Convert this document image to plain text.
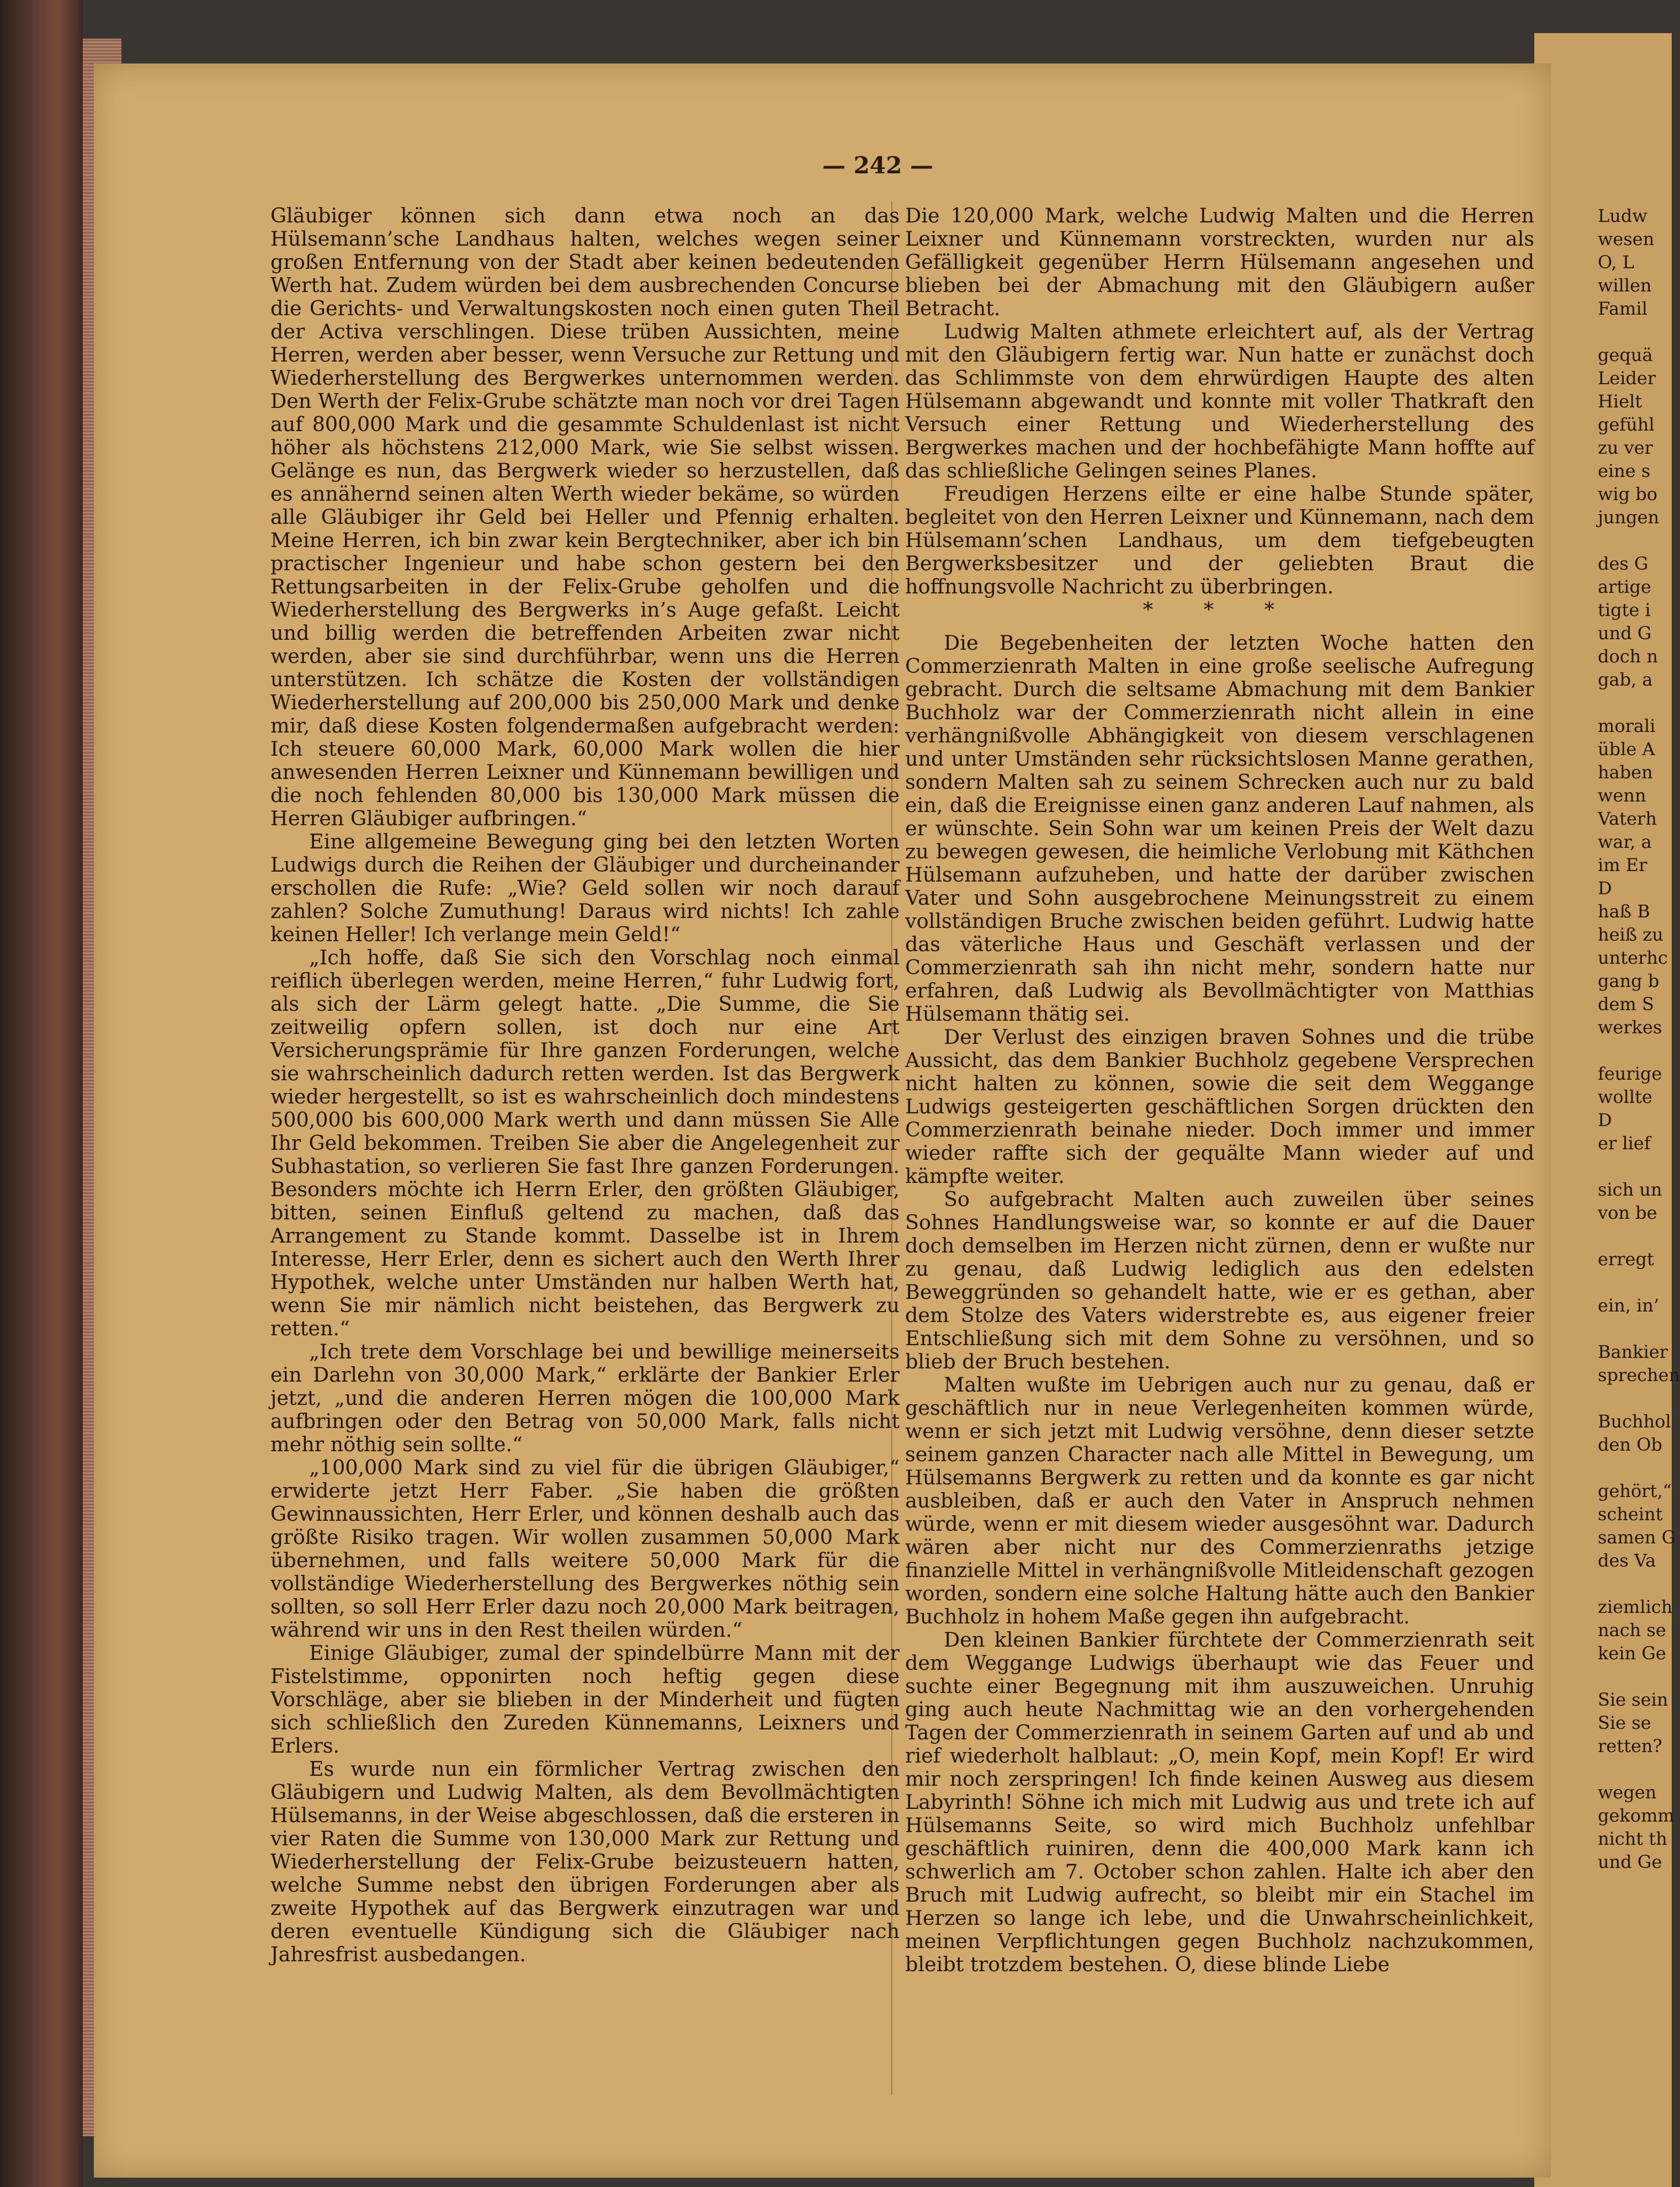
— 242 —

Gläubiger können sich dann etwa noch an das Hülsemann’sche Landhaus halten, welches wegen seiner großen Entfernung von der Stadt aber keinen bedeutenden Werth hat. Zudem würden bei dem ausbrechenden Concurse die Gerichts- und Verwaltungskosten noch einen guten Theil der Activa verschlingen. Diese trüben Aussichten, meine Herren, werden aber besser, wenn Versuche zur Rettung und Wiederherstellung des Bergwerkes unternommen werden. Den Werth der Felix-Grube schätzte man noch vor drei Tagen auf 800,000 Mark und die gesammte Schuldenlast ist nicht höher als höchstens 212,000 Mark, wie Sie selbst wissen. Gelänge es nun, das Bergwerk wieder so herzustellen, daß es annähernd seinen alten Werth wieder bekäme, so würden alle Gläubiger ihr Geld bei Heller und Pfennig erhalten. Meine Herren, ich bin zwar kein Bergtechniker, aber ich bin practischer Ingenieur und habe schon gestern bei den Rettungsarbeiten in der Felix-Grube geholfen und die Wiederherstellung des Bergwerks in’s Auge gefaßt. Leicht und billig werden die betreffenden Arbeiten zwar nicht werden, aber sie sind durchführbar, wenn uns die Herren unterstützen. Ich schätze die Kosten der vollständigen Wiederherstellung auf 200,000 bis 250,000 Mark und denke mir, daß diese Kosten folgendermaßen aufgebracht werden: Ich steuere 60,000 Mark, 60,000 Mark wollen die hier anwesenden Herren Leixner und Künnemann bewilligen und die noch fehlenden 80,000 bis 130,000 Mark müssen die Herren Gläubiger aufbringen.“

Eine allgemeine Bewegung ging bei den letzten Worten Ludwigs durch die Reihen der Gläubiger und durcheinander erschollen die Rufe: „Wie? Geld sollen wir noch darauf zahlen? Solche Zumuthung! Daraus wird nichts! Ich zahle keinen Heller! Ich verlange mein Geld!“

„Ich hoffe, daß Sie sich den Vorschlag noch einmal reiflich überlegen werden, meine Herren,“ fuhr Ludwig fort, als sich der Lärm gelegt hatte. „Die Summe, die Sie zeitweilig opfern sollen, ist doch nur eine Art Versicherungsprämie für Ihre ganzen Forderungen, welche sie wahrscheinlich dadurch retten werden. Ist das Bergwerk wieder hergestellt, so ist es wahrscheinlich doch mindestens 500,000 bis 600,000 Mark werth und dann müssen Sie Alle Ihr Geld bekommen. Treiben Sie aber die Angelegenheit zur Subhastation, so verlieren Sie fast Ihre ganzen Forderungen. Besonders möchte ich Herrn Erler, den größten Gläubiger, bitten, seinen Einfluß geltend zu machen, daß das Arrangement zu Stande kommt. Dasselbe ist in Ihrem Interesse, Herr Erler, denn es sichert auch den Werth Ihrer Hypothek, welche unter Umständen nur halben Werth hat, wenn Sie mir nämlich nicht beistehen, das Bergwerk zu retten.“

„Ich trete dem Vorschlage bei und bewillige meinerseits ein Darlehn von 30,000 Mark,“ erklärte der Bankier Erler jetzt, „und die anderen Herren mögen die 100,000 Mark aufbringen oder den Betrag von 50,000 Mark, falls nicht mehr nöthig sein sollte.“

„100,000 Mark sind zu viel für die übrigen Gläubiger,“ erwiderte jetzt Herr Faber. „Sie haben die größten Gewinnaussichten, Herr Erler, und können deshalb auch das größte Risiko tragen. Wir wollen zusammen 50,000 Mark übernehmen, und falls weitere 50,000 Mark für die vollständige Wiederherstellung des Bergwerkes nöthig sein sollten, so soll Herr Erler dazu noch 20,000 Mark beitragen, während wir uns in den Rest theilen würden.“

Einige Gläubiger, zumal der spindelbürre Mann mit der Fistelstimme, opponirten noch heftig gegen diese Vorschläge, aber sie blieben in der Minderheit und fügten sich schließlich den Zureden Künnemanns, Leixners und Erlers.

Es wurde nun ein förmlicher Vertrag zwischen den Gläubigern und Ludwig Malten, als dem Bevollmächtigten Hülsemanns, in der Weise abgeschlossen, daß die ersteren in vier Raten die Summe von 130,000 Mark zur Rettung und Wiederherstellung der Felix-Grube beizusteuern hatten, welche Summe nebst den übrigen Forderungen aber als zweite Hypothek auf das Bergwerk einzutragen war und deren eventuelle Kündigung sich die Gläubiger nach Jahresfrist ausbedangen.

Die 120,000 Mark, welche Ludwig Malten und die Herren Leixner und Künnemann vorstreckten, wurden nur als Gefälligkeit gegenüber Herrn Hülsemann angesehen und blieben bei der Abmachung mit den Gläubigern außer Betracht.

Ludwig Malten athmete erleichtert auf, als der Vertrag mit den Gläubigern fertig war. Nun hatte er zunächst doch das Schlimmste von dem ehrwürdigen Haupte des alten Hülsemann abgewandt und konnte mit voller Thatkraft den Versuch einer Rettung und Wiederherstellung des Bergwerkes machen und der hochbefähigte Mann hoffte auf das schließliche Gelingen seines Planes.

Freudigen Herzens eilte er eine halbe Stunde später, begleitet von den Herren Leixner und Künnemann, nach dem Hülsemann’schen Landhaus, um dem tiefgebeugten Bergwerksbesitzer und der geliebten Braut die hoffnungsvolle Nachricht zu überbringen.

* * *

Die Begebenheiten der letzten Woche hatten den Commerzienrath Malten in eine große seelische Aufregung gebracht. Durch die seltsame Abmachung mit dem Bankier Buchholz war der Commerzienrath nicht allein in eine verhängnißvolle Abhängigkeit von diesem verschlagenen und unter Umständen sehr rücksichtslosen Manne gerathen, sondern Malten sah zu seinem Schrecken auch nur zu bald ein, daß die Ereignisse einen ganz anderen Lauf nahmen, als er wünschte. Sein Sohn war um keinen Preis der Welt dazu zu bewegen gewesen, die heimliche Verlobung mit Käthchen Hülsemann aufzuheben, und hatte der darüber zwischen Vater und Sohn ausgebrochene Meinungsstreit zu einem vollständigen Bruche zwischen beiden geführt. Ludwig hatte das väterliche Haus und Geschäft verlassen und der Commerzienrath sah ihn nicht mehr, sondern hatte nur erfahren, daß Ludwig als Bevollmächtigter von Matthias Hülsemann thätig sei.

Der Verlust des einzigen braven Sohnes und die trübe Aussicht, das dem Bankier Buchholz gegebene Versprechen nicht halten zu können, sowie die seit dem Weggange Ludwigs gesteigerten geschäftlichen Sorgen drückten den Commerzienrath beinahe nieder. Doch immer und immer wieder raffte sich der gequälte Mann wieder auf und kämpfte weiter.

So aufgebracht Malten auch zuweilen über seines Sohnes Handlungsweise war, so konnte er auf die Dauer doch demselben im Herzen nicht zürnen, denn er wußte nur zu genau, daß Ludwig lediglich aus den edelsten Beweggründen so gehandelt hatte, wie er es gethan, aber dem Stolze des Vaters widerstrebte es, aus eigener freier Entschließung sich mit dem Sohne zu versöhnen, und so blieb der Bruch bestehen.

Malten wußte im Uebrigen auch nur zu genau, daß er geschäftlich nur in neue Verlegenheiten kommen würde, wenn er sich jetzt mit Ludwig versöhne, denn dieser setzte seinem ganzen Character nach alle Mittel in Bewegung, um Hülsemanns Bergwerk zu retten und da konnte es gar nicht ausbleiben, daß er auch den Vater in Anspruch nehmen würde, wenn er mit diesem wieder ausgesöhnt war. Dadurch wären aber nicht nur des Commerzienraths jetzige finanzielle Mittel in verhängnißvolle Mitleidenschaft gezogen worden, sondern eine solche Haltung hätte auch den Bankier Buchholz in hohem Maße gegen ihn aufgebracht.

Den kleinen Bankier fürchtete der Commerzienrath seit dem Weggange Ludwigs überhaupt wie das Feuer und suchte einer Begegnung mit ihm auszuweichen. Unruhig ging auch heute Nachmittag wie an den vorhergehenden Tagen der Commerzienrath in seinem Garten auf und ab und rief wiederholt halblaut: „O, mein Kopf, mein Kopf! Er wird mir noch zerspringen! Ich finde keinen Ausweg aus diesem Labyrinth! Söhne ich mich mit Ludwig aus und trete ich auf Hülsemanns Seite, so wird mich Buchholz unfehlbar geschäftlich ruiniren, denn die 400,000 Mark kann ich schwerlich am 7. October schon zahlen. Halte ich aber den Bruch mit Ludwig aufrecht, so bleibt mir ein Stachel im Herzen so lange ich lebe, und die Unwahrscheinlichkeit, meinen Verpflichtungen gegen Buchholz nachzukommen, bleibt trotzdem bestehen. O, diese blinde Liebe

Ludw
wesen
O, L
willen
Famil
gequä
Leider
Hielt
gefühl
zu ver
eine s
wig bo
jungen
des G
artige
tigte i
und G
doch n
gab, a
morali
üble A
haben
wenn
Vaterh
war, a
im Er
D
haß B
heiß zu
unterhc
gang b
dem S
werkes
feurige
wollte
D
er lief
sich un
von be
erregt
ein, in’
Bankier
sprechen
Buchhol
den Ob
gehört,“
scheint
samen G
des Va
ziemlich
nach se
kein Ge
Sie sein
Sie se
retten?
wegen
gekomm
nicht th
und Ge
